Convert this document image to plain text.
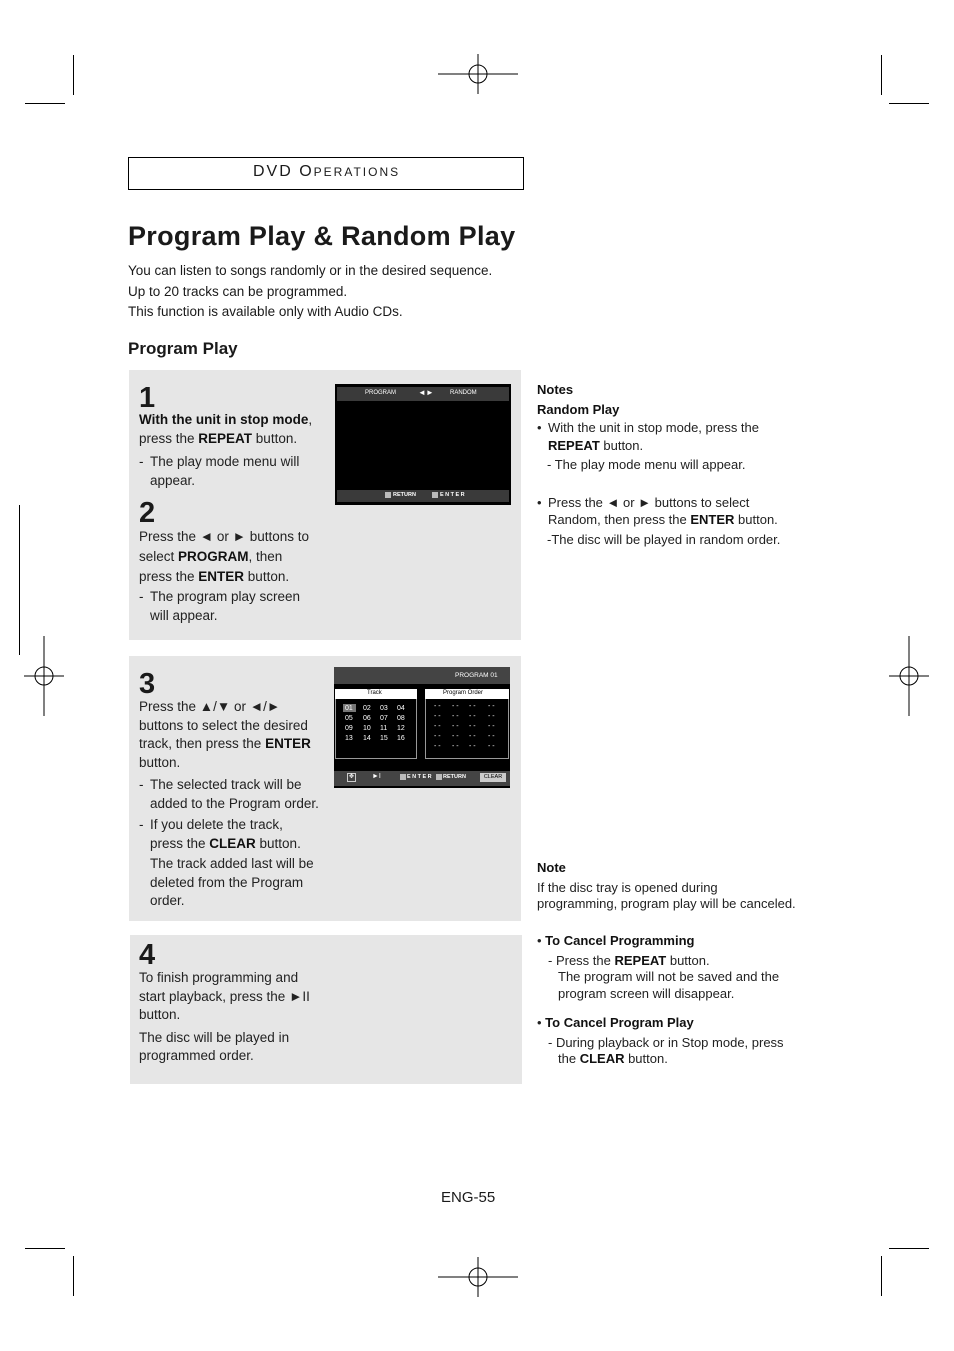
DVD OPERATIONS
Program Play & Random Play
You can listen to songs randomly or in the desired sequence.
Up to 20 tracks can be programmed.
This function is available only with Audio CDs.
Program Play
1
With the unit in stop mode,
press the REPEAT button.
- The play mode menu will
appear.
2
Press the ◄ or ► buttons to
select PROGRAM, then
press the ENTER button.
- The program play screen
will appear.
PROGRAM	◄►	RANDOM
RETURN	ENTER
3
Press the ▲/▼ or ◄/►
buttons to select the desired
track, then press the ENTER
button.
- The selected track will be
added to the Program order.
- If you delete the track,
press the CLEAR button.
The track added last will be
deleted from the Program
order.
PROGRAM 01
Track	Program Order
01 02 03 04
05 06 07 08
09 10 11 12
13 14 15 16
- - - - - - - -
- - - - - - - -
- - - - - - - -
- - - - - - - -
- - - - - - - -
✥	►I	ENTER RETURN	CLEAR
4
To finish programming and
start playback, press the ►II
button.
The disc will be played in
programmed order.
Notes
Random Play
• With the unit in stop mode, press the
REPEAT button.
- The play mode menu will appear.
• Press the ◄ or ► buttons to select
Random, then press the ENTER button.
-The disc will be played in random order.
Note
If the disc tray is opened during
programming, program play will be canceled.
• To Cancel Programming
- Press the REPEAT button.
The program will not be saved and the
program screen will disappear.
• To Cancel Program Play
- During playback or in Stop mode, press
the CLEAR button.
ENG-55
